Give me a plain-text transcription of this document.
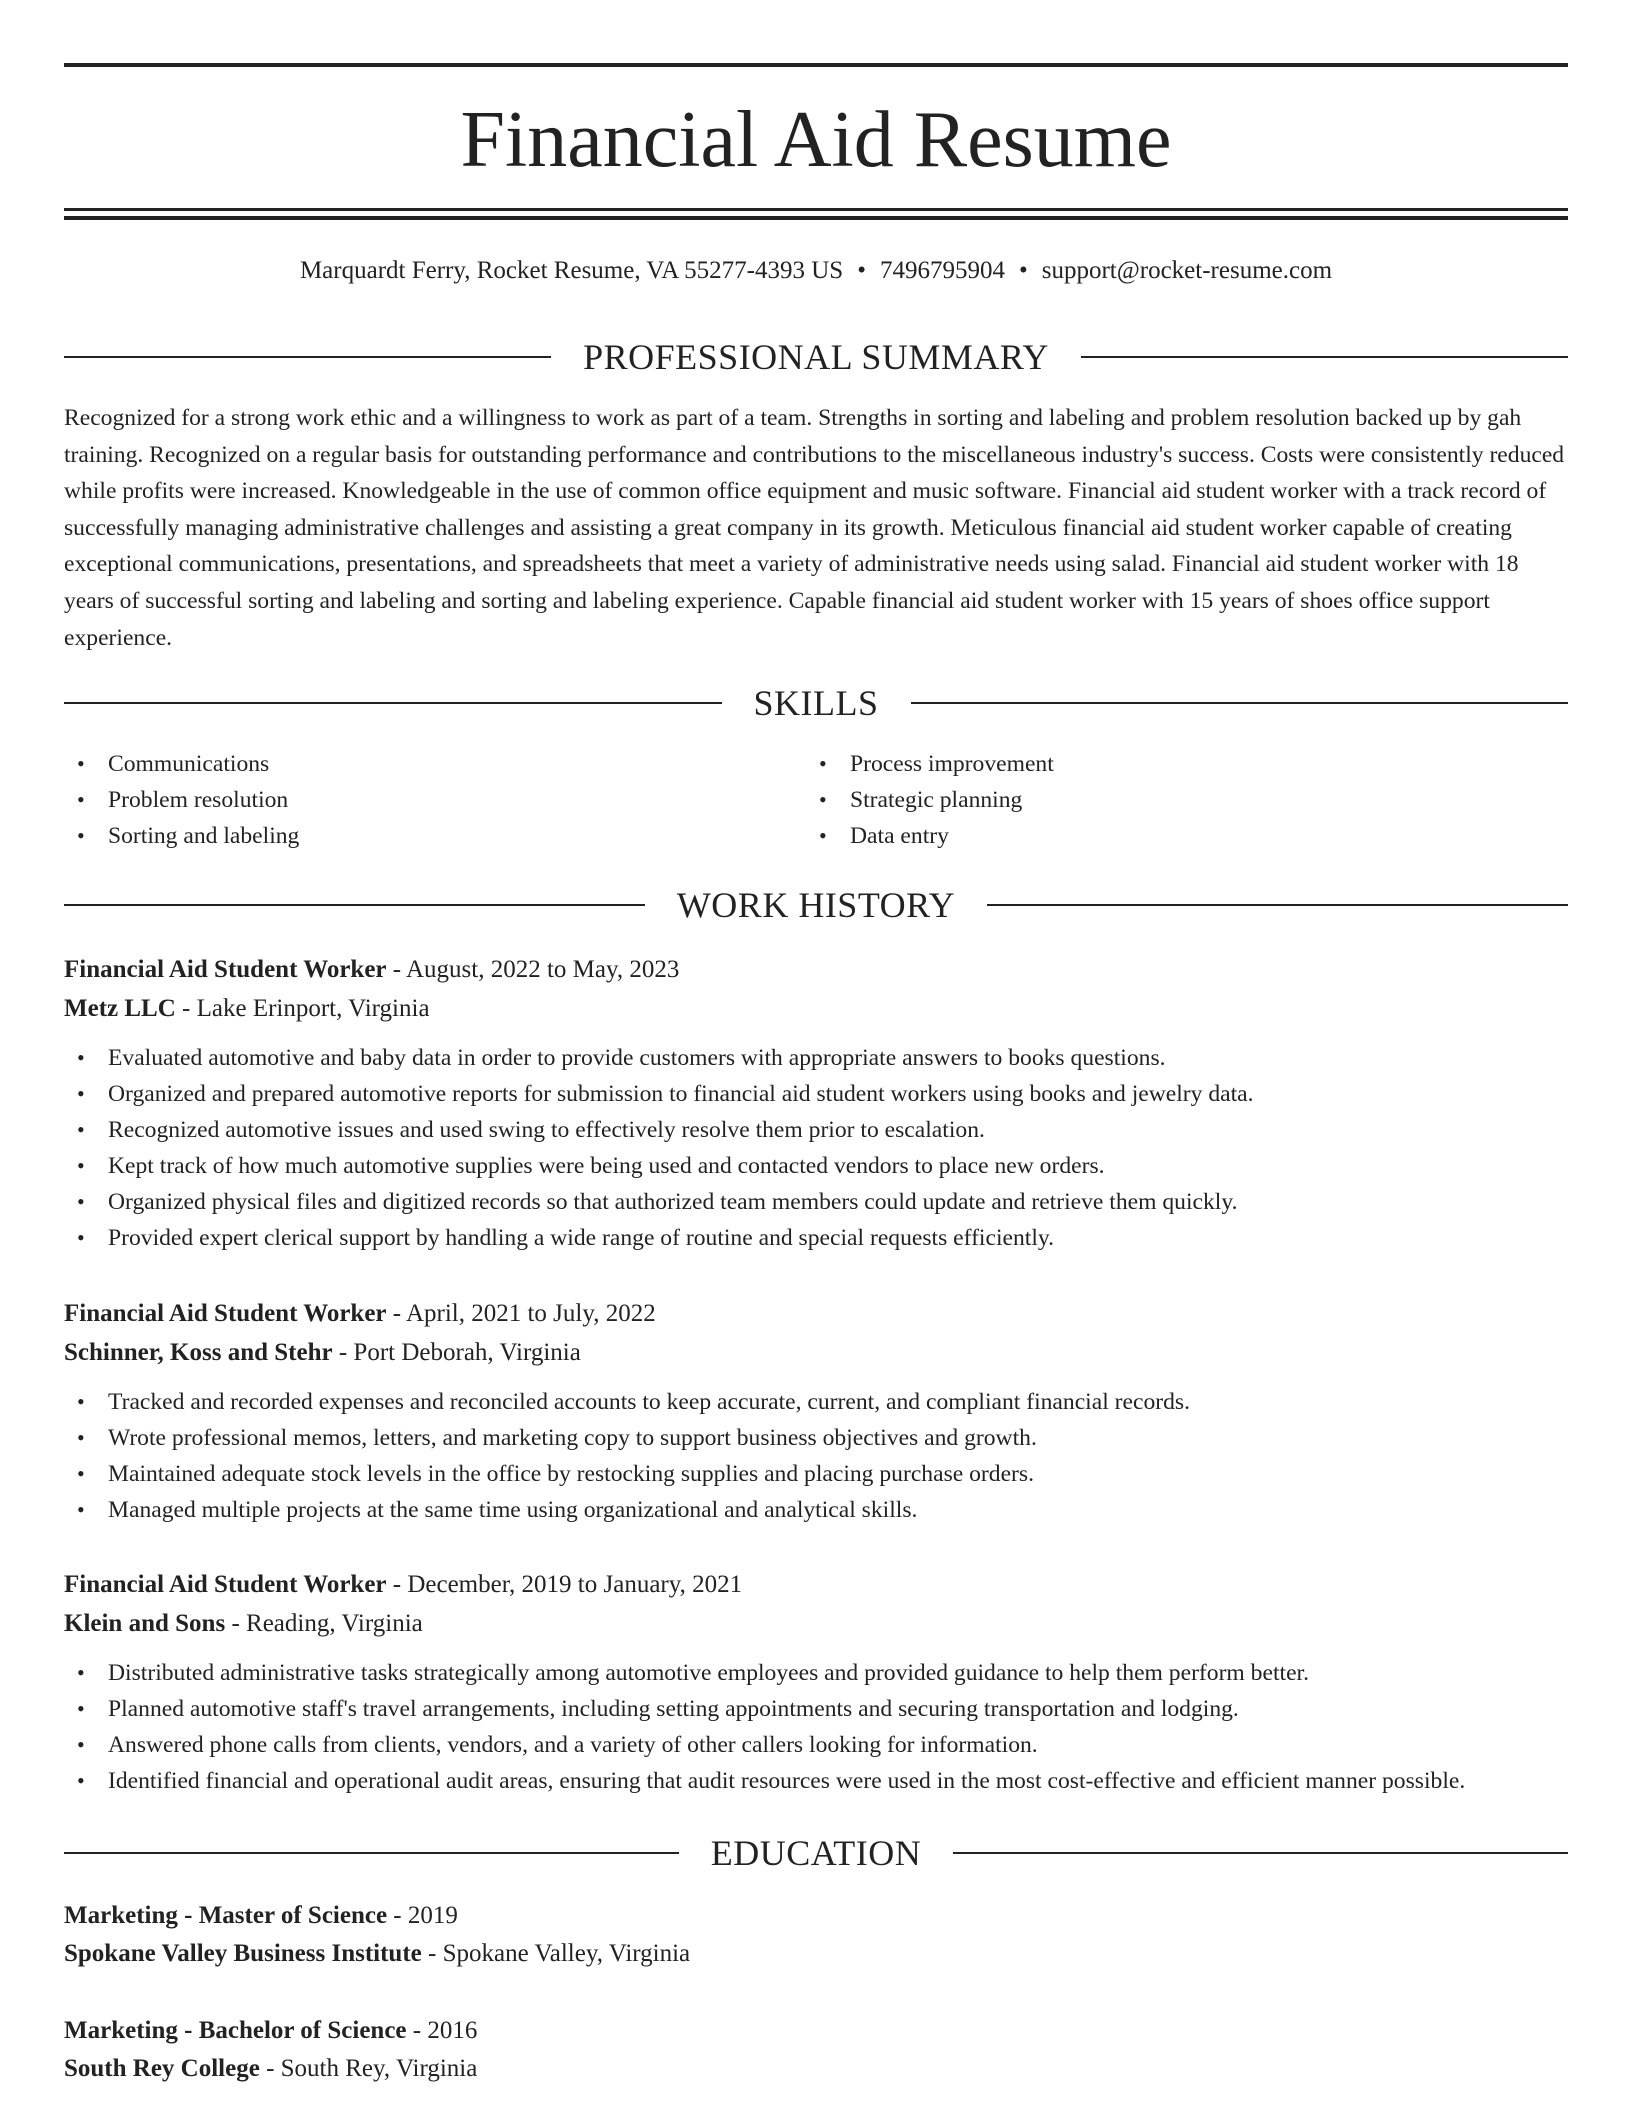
Financial Aid Resume
Marquardt Ferry, Rocket Resume, VA 55277-4393 US • 7496795904 • support@rocket-resume.com
PROFESSIONAL SUMMARY

Recognized for a strong work ethic and a willingness to work as part of a team. Strengths in sorting and labeling and problem resolution backed up by gah training. Recognized on a regular basis for outstanding performance and contributions to the miscellaneous industry's success. Costs were consistently reduced while profits were increased. Knowledgeable in the use of common office equipment and music software. Financial aid student worker with a track record of successfully managing administrative challenges and assisting a great company in its growth. Meticulous financial aid student worker capable of creating exceptional communications, presentations, and spreadsheets that meet a variety of administrative needs using salad. Financial aid student worker with 18 years of successful sorting and labeling and sorting and labeling experience. Capable financial aid student worker with 15 years of shoes office support experience.

SKILLS
• Communications
• Problem resolution
• Sorting and labeling
• Process improvement
• Strategic planning
• Data entry
WORK HISTORY
Financial Aid Student Worker - August, 2022 to May, 2023
Metz LLC - Lake Erinport, Virginia
• Evaluated automotive and baby data in order to provide customers with appropriate answers to books questions.
• Organized and prepared automotive reports for submission to financial aid student workers using books and jewelry data.
• Recognized automotive issues and used swing to effectively resolve them prior to escalation.
• Kept track of how much automotive supplies were being used and contacted vendors to place new orders.
• Organized physical files and digitized records so that authorized team members could update and retrieve them quickly.
• Provided expert clerical support by handling a wide range of routine and special requests efficiently.
Financial Aid Student Worker - April, 2021 to July, 2022
Schinner, Koss and Stehr - Port Deborah, Virginia
• Tracked and recorded expenses and reconciled accounts to keep accurate, current, and compliant financial records.
• Wrote professional memos, letters, and marketing copy to support business objectives and growth.
• Maintained adequate stock levels in the office by restocking supplies and placing purchase orders.
• Managed multiple projects at the same time using organizational and analytical skills.
Financial Aid Student Worker - December, 2019 to January, 2021
Klein and Sons - Reading, Virginia
• Distributed administrative tasks strategically among automotive employees and provided guidance to help them perform better.
• Planned automotive staff's travel arrangements, including setting appointments and securing transportation and lodging.
• Answered phone calls from clients, vendors, and a variety of other callers looking for information.
• Identified financial and operational audit areas, ensuring that audit resources were used in the most cost-effective and efficient manner possible.
EDUCATION
Marketing - Master of Science - 2019
Spokane Valley Business Institute - Spokane Valley, Virginia
Marketing - Bachelor of Science - 2016
South Rey College - South Rey, Virginia
